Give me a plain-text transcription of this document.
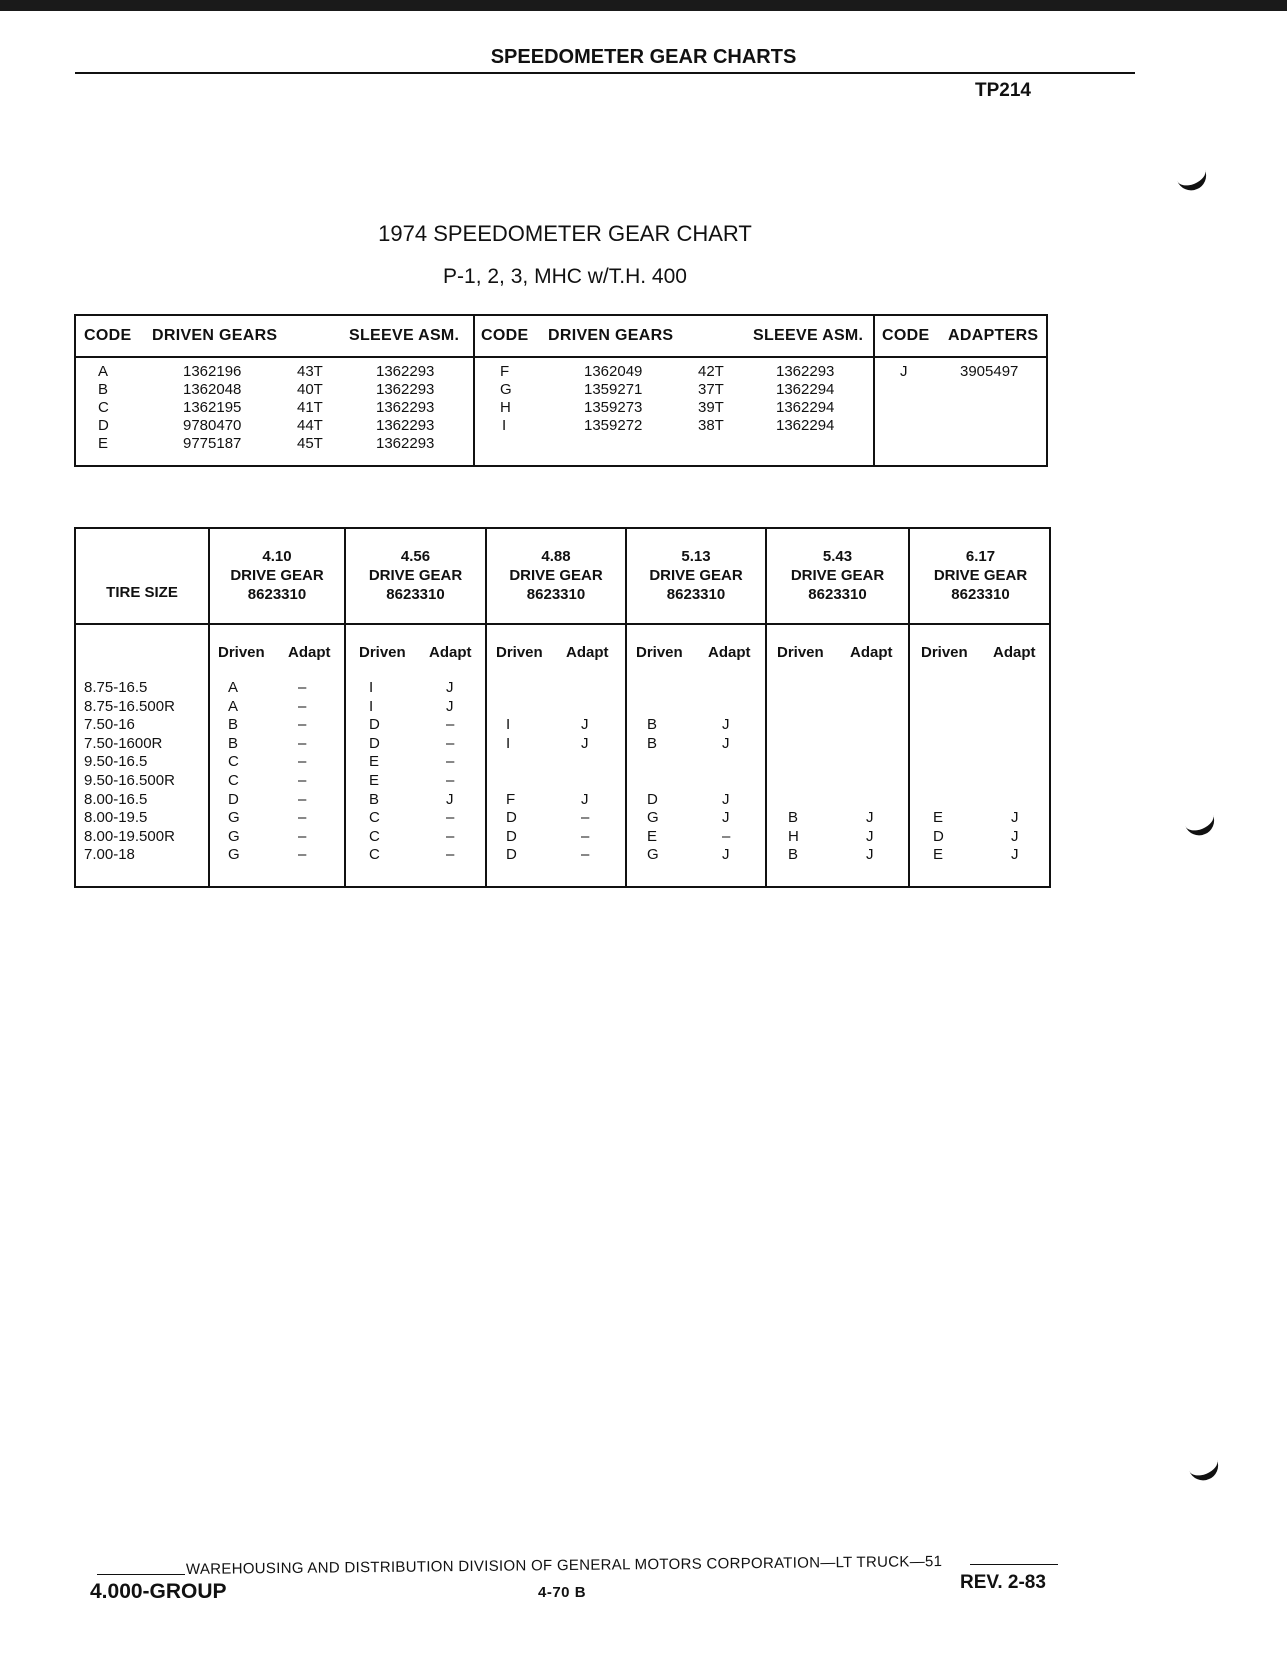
SPEEDOMETER GEAR CHARTS
TP214
1974 SPEEDOMETER GEAR CHART
P-1, 2, 3, MHC w/T.H. 400
CODE DRIVEN GEARS	SLEEVE ASM. CODE DRIVEN GEARS	SLEEVE ASM. CODE ADAPTERS
A	1362196	43T	1362293
B	1362048	40T	1362293
C	1362195	41T	1362293
D	9780470	44T	1362293
E	9775187	45T	1362293
F	1362049	42T	1362293
G	1359271	37T	1362294
H	1359273	39T	1362294
I	1359272	38T	1362294
J	3905497
TIRE SIZE
4.10
DRIVE GEAR
8623310
4.56
DRIVE GEAR
8623310
4.88
DRIVE GEAR
8623310
5.13
DRIVE GEAR
8623310
5.43
DRIVE GEAR
8623310
6.17
DRIVE GEAR
8623310
Driven Adapt Driven Adapt Driven Adapt Driven Adapt Driven Adapt Driven Adapt
8.75-16.5	A	–	I	J
8.75-16.500R	A	–	I	J
7.50-16	B	–	D	–	I	J	B	J
7.50-1600R	B	–	D	–	I	J	B	J
9.50-16.5	C	–	E	–
9.50-16.500R	C	–	E	–
8.00-16.5	D	–	B	J	F	J	D	J
8.00-19.5	G	–	C	–	D	–	G	J	B	J	E	J
8.00-19.500R	G	–	C	–	D	–	E	–	H	J	D	J
7.00-18	G	–	C	–	D	–	G	J	B	J	E	J
WAREHOUSING AND DISTRIBUTION DIVISION OF GENERAL MOTORS CORPORATION—LT TRUCK—51
4.000-GROUP	4-70 B	REV. 2-83
